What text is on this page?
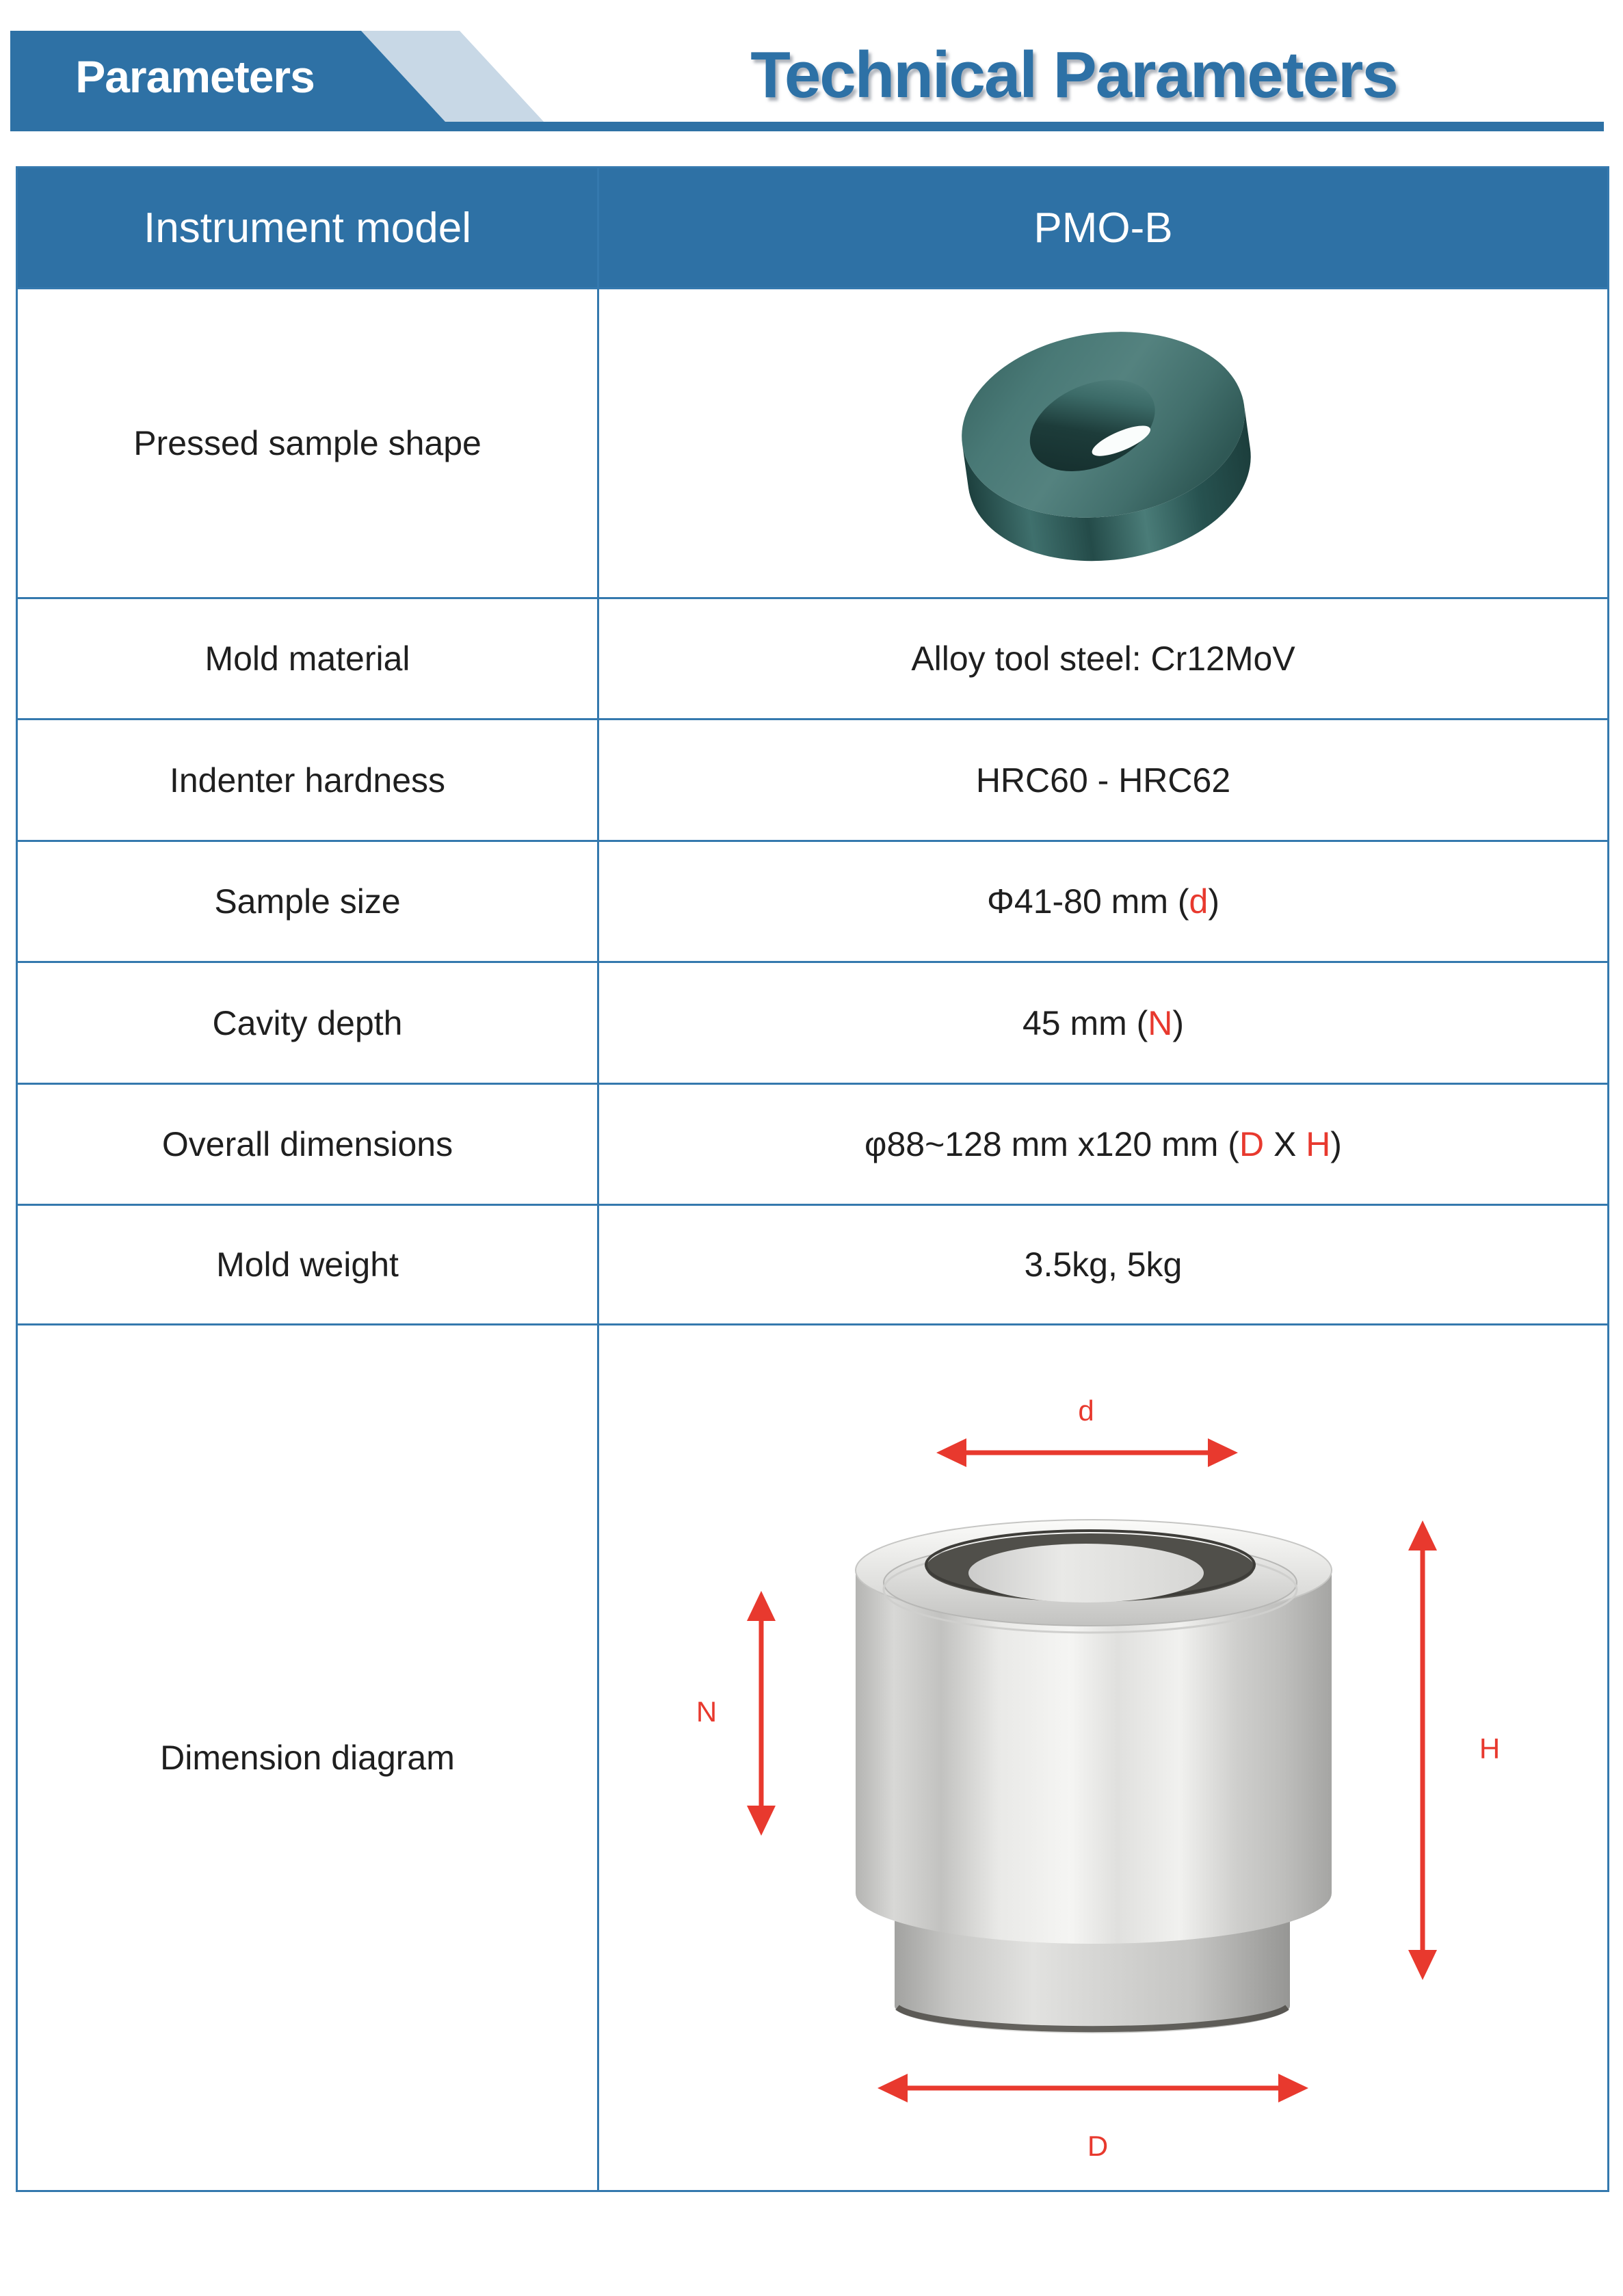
Parameters	Technical Parameters
Instrument model	PMO-B
Pressed sample shape
Mold material	Alloy tool steel: Cr12MoV
Indenter hardness	HRC60 - HRC62
Sample size	Φ41-80 mm (d)
Cavity depth	45 mm (N)
Overall dimensions	φ88~128 mm x120 mm (D X H)
Mold weight	3.5kg, 5kg
Dimension diagram
d
N
H
D
